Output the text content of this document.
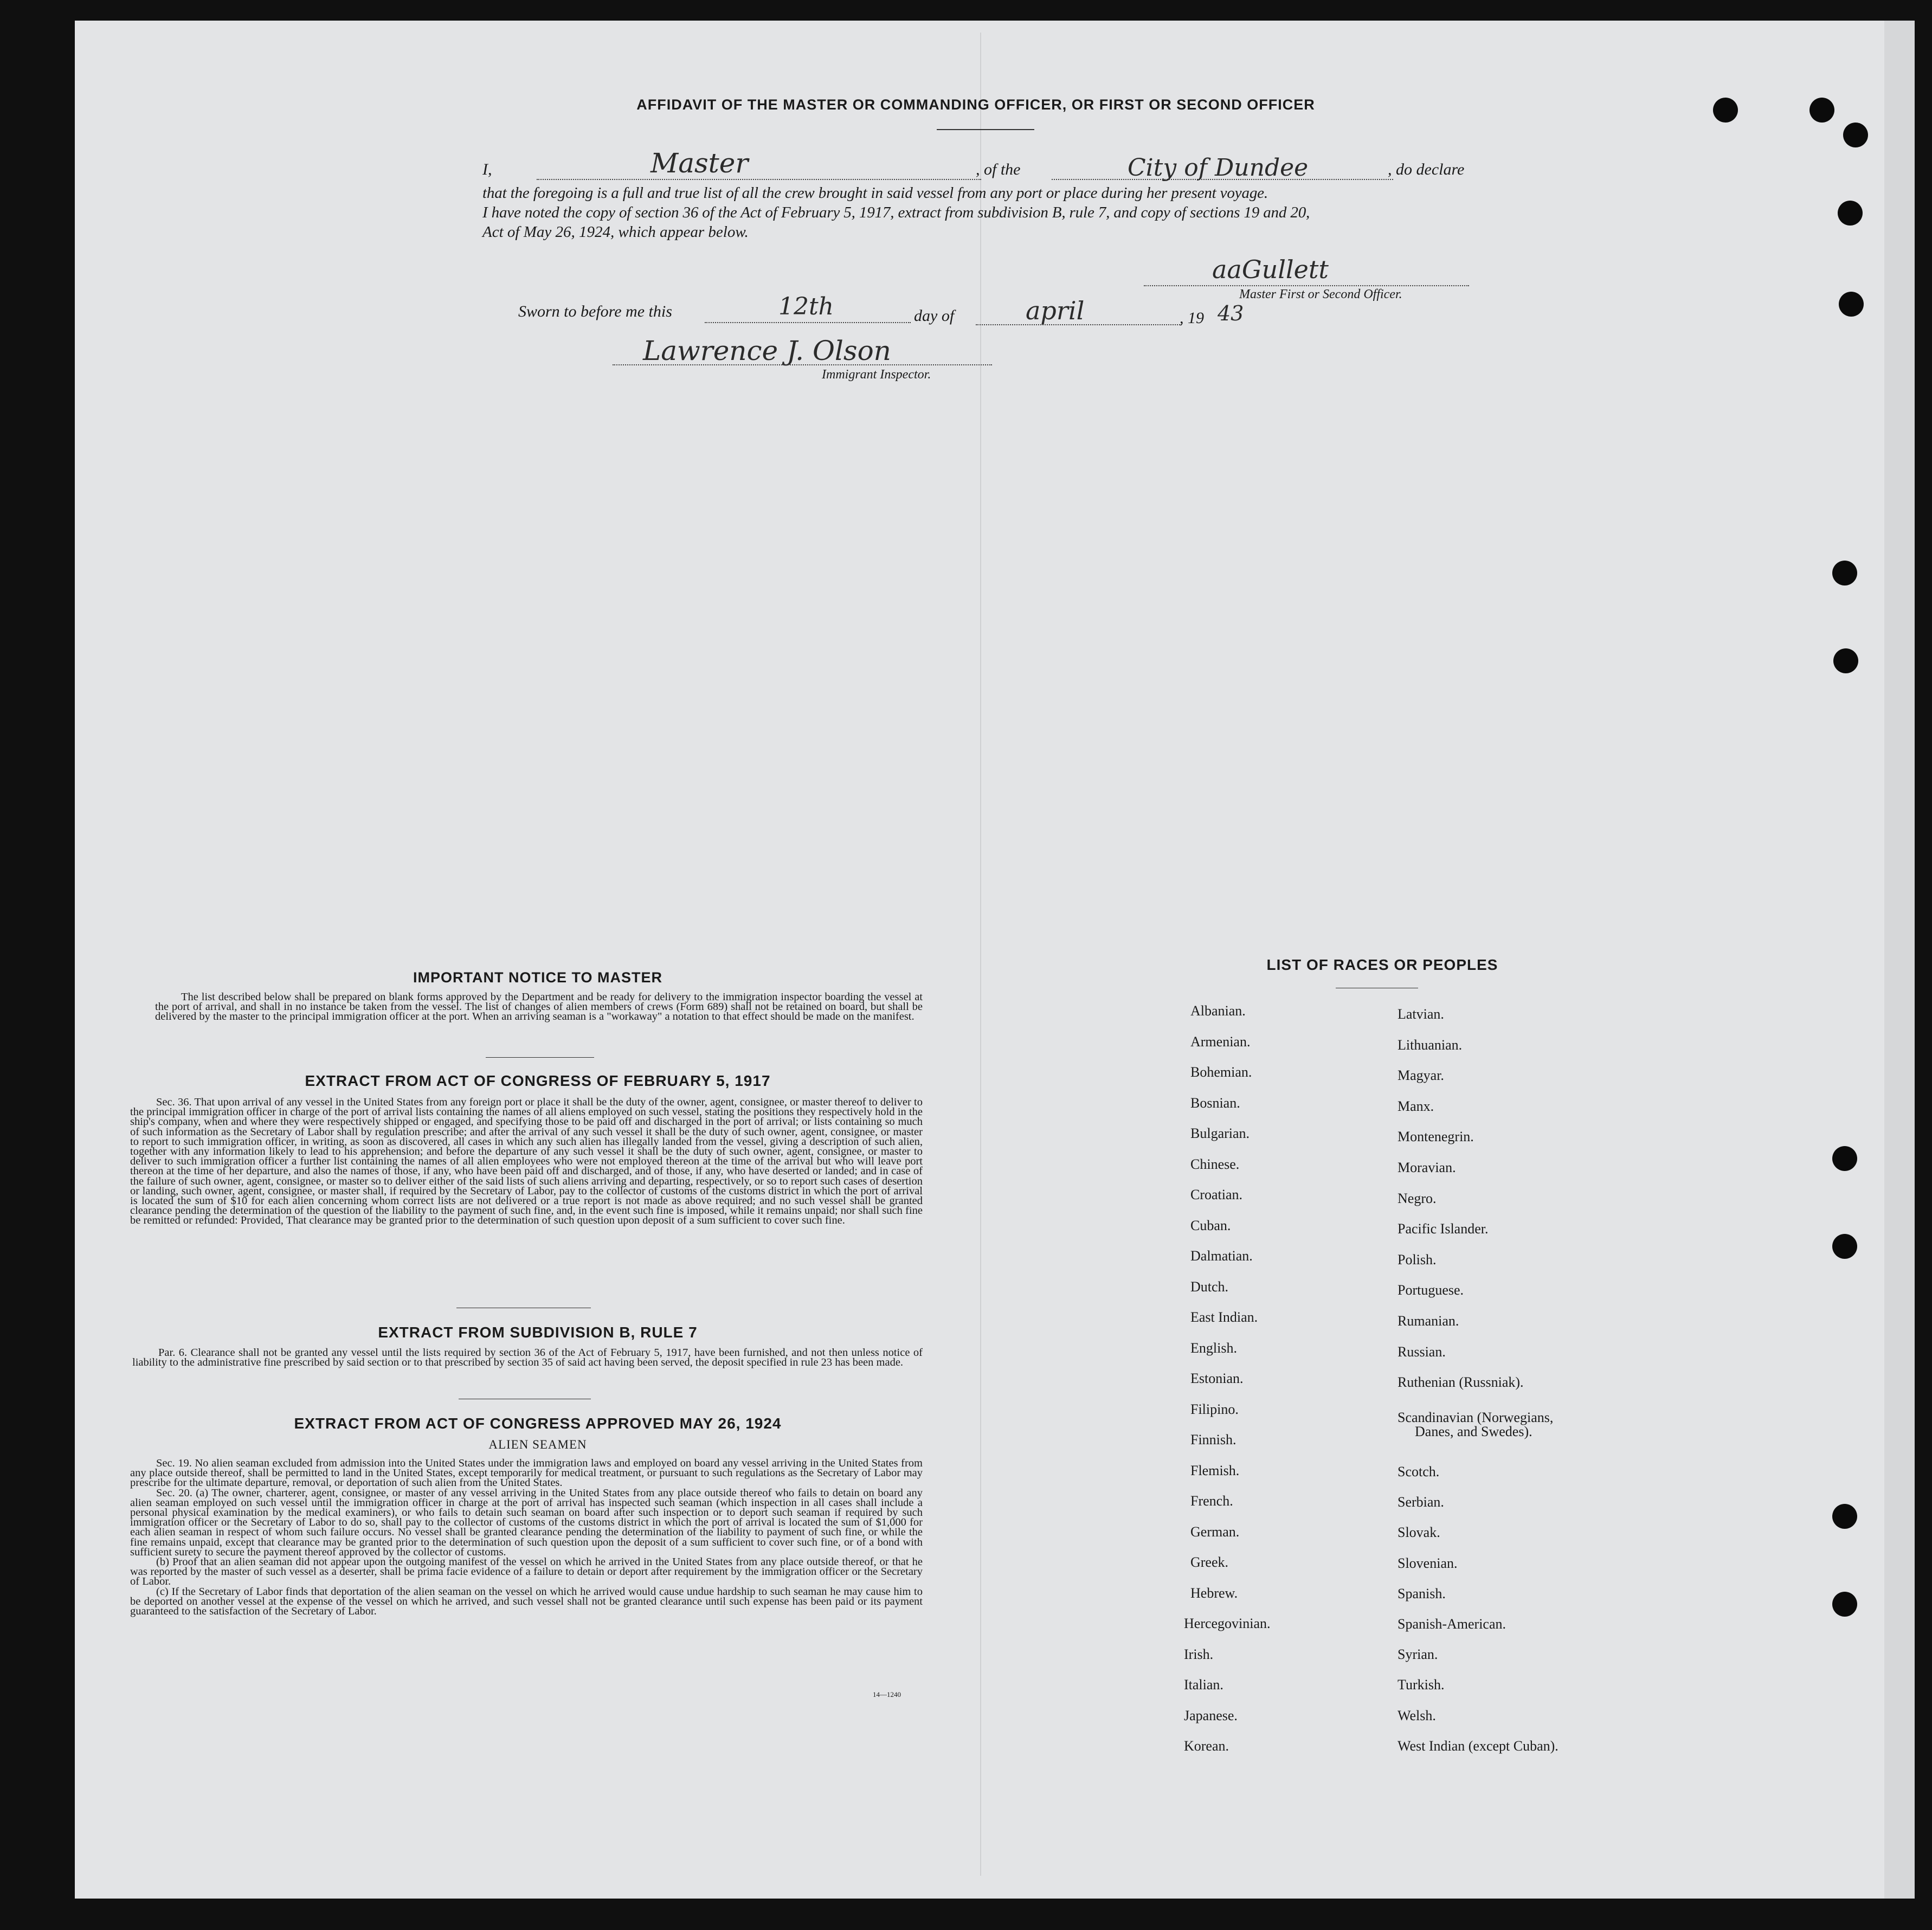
AFFIDAVIT OF THE MASTER OR COMMANDING OFFICER, OR FIRST OR SECOND OFFICER
I,	Master	, of the	City of Dundee	, do declare
that the foregoing is a full and true list of all the crew brought in said vessel from any port or place during her present voyage.
I have noted the copy of section 36 of the Act of February 5, 1917, extract from subdivision B, rule 7, and copy of sections 19 and 20,
Act of May 26, 1924, which appear below.
aaGullett
Master First or Second Officer.
Sworn to before me this	12th	day of	april	, 19 43
Lawrence J. Olson
Immigrant Inspector.
IMPORTANT NOTICE TO MASTER

The list described below shall be prepared on blank forms approved by the Department and be ready for delivery to the immigration inspector boarding the vessel at the port of arrival, and shall in no instance be taken from the vessel. The list of changes of alien members of crews (Form 689) shall not be retained on board, but shall be delivered by the master to the principal immigration officer at the port. When an arriving seaman is a "workaway" a notation to that effect should be made on the manifest.

EXTRACT FROM ACT OF CONGRESS OF FEBRUARY 5, 1917

Sec. 36. That upon arrival of any vessel in the United States from any foreign port or place it shall be the duty of the owner, agent, consignee, or master thereof to deliver to the principal immigration officer in charge of the port of arrival lists containing the names of all aliens employed on such vessel, stating the positions they respectively hold in the ship's company, when and where they were respectively shipped or engaged, and specifying those to be paid off and discharged in the port of arrival; or lists containing so much of such information as the Secretary of Labor shall by regulation prescribe; and after the arrival of any such vessel it shall be the duty of such owner, agent, consignee, or master to report to such immigration officer, in writing, as soon as discovered, all cases in which any such alien has illegally landed from the vessel, giving a description of such alien, together with any information likely to lead to his apprehension; and before the departure of any such vessel it shall be the duty of such owner, agent, consignee, or master to deliver to such immigration officer a further list containing the names of all alien employees who were not employed thereon at the time of the arrival but who will leave port thereon at the time of her departure, and also the names of those, if any, who have been paid off and discharged, and of those, if any, who have deserted or landed; and in case of the failure of such owner, agent, consignee, or master so to deliver either of the said lists of such aliens arriving and departing, respectively, or so to report such cases of desertion or landing, such owner, agent, consignee, or master shall, if required by the Secretary of Labor, pay to the collector of customs of the customs district in which the port of arrival is located the sum of $10 for each alien concerning whom correct lists are not delivered or a true report is not made as above required; and no such vessel shall be granted clearance pending the determination of the question of the liability to the payment of such fine, and, in the event such fine is imposed, while it remains unpaid; nor shall such fine be remitted or refunded: Provided, That clearance may be granted prior to the determination of such question upon deposit of a sum sufficient to cover such fine.

EXTRACT FROM SUBDIVISION B, RULE 7

Par. 6. Clearance shall not be granted any vessel until the lists required by section 36 of the Act of February 5, 1917, have been furnished, and not then unless notice of liability to the administrative fine prescribed by said section or to that prescribed by section 35 of said act having been served, the deposit specified in rule 23 has been made.

EXTRACT FROM ACT OF CONGRESS APPROVED MAY 26, 1924
ALIEN SEAMEN

Sec. 19. No alien seaman excluded from admission into the United States under the immigration laws and employed on board any vessel arriving in the United States from any place outside thereof, shall be permitted to land in the United States, except temporarily for medical treatment, or pursuant to such regulations as the Secretary of Labor may prescribe for the ultimate departure, removal, or deportation of such alien from the United States.

Sec. 20. (a) The owner, charterer, agent, consignee, or master of any vessel arriving in the United States from any place outside thereof who fails to detain on board any alien seaman employed on such vessel until the immigration officer in charge at the port of arrival has inspected such seaman (which inspection in all cases shall include a personal physical examination by the medical examiners), or who fails to detain such seaman on board after such inspection or to deport such seaman if required by such immigration officer or the Secretary of Labor to do so, shall pay to the collector of customs of the customs district in which the port of arrival is located the sum of $1,000 for each alien seaman in respect of whom such failure occurs. No vessel shall be granted clearance pending the determination of the liability to payment of such fine, or while the fine remains unpaid, except that clearance may be granted prior to the determination of such question upon the deposit of a sum sufficient to cover such fine, or of a bond with sufficient surety to secure the payment thereof approved by the collector of customs.

(b) Proof that an alien seaman did not appear upon the outgoing manifest of the vessel on which he arrived in the United States from any place outside thereof, or that he was reported by the master of such vessel as a deserter, shall be prima facie evidence of a failure to detain or deport after requirement by the immigration officer or the Secretary of Labor.

(c) If the Secretary of Labor finds that deportation of the alien seaman on the vessel on which he arrived would cause undue hardship to such seaman he may cause him to be deported on another vessel at the expense of the vessel on which he arrived, and such vessel shall not be granted clearance until such expense has been paid or its payment guaranteed to the satisfaction of the Secretary of Labor.

14—1240
LIST OF RACES OR PEOPLES
Albanian.
Armenian.
Bohemian.
Bosnian.
Bulgarian.
Chinese.
Croatian.
Cuban.
Dalmatian.
Dutch.
East Indian.
English.
Estonian.
Filipino.
Finnish.
Flemish.
French.
German.
Greek.
Hebrew.
Hercegovinian.
Irish.
Italian.
Japanese.
Korean.
Latvian.
Lithuanian.
Magyar.
Manx.
Montenegrin.
Moravian.
Negro.
Pacific Islander.
Polish.
Portuguese.
Rumanian.
Russian.
Ruthenian (Russniak).
Scandinavian (Norwegians,
Danes, and Swedes).
Scotch.
Serbian.
Slovak.
Slovenian.
Spanish.
Spanish-American.
Syrian.
Turkish.
Welsh.
West Indian (except Cuban).
